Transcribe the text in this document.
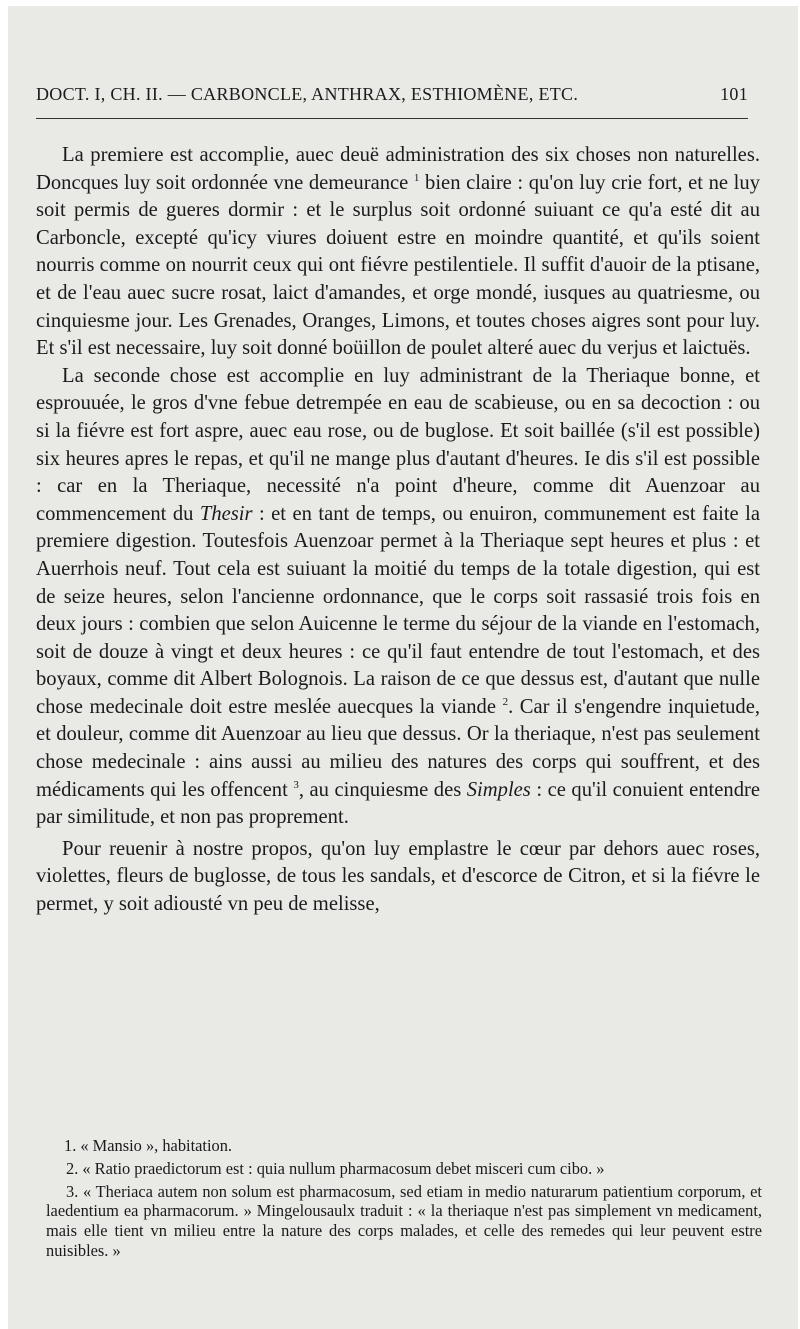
DOCT. I, CH. II. — CARBONCLE, ANTHRAX, ESTHIOMÈNE, ETC.	101

La premiere est accomplie, auec deuë administration des six choses non naturelles. Doncques luy soit ordonnée vne demeurance $^1$ bien claire : qu'on luy crie fort, et ne luy soit permis de gueres dormir : et le surplus soit ordonné suiuant ce qu'a esté dit au Carboncle, excepté qu'icy viures doiuent estre en moindre quantité, et qu'ils soient nourris comme on nourrit ceux qui ont fiévre pestilentiele. Il suffit d'auoir de la ptisane, et de l'eau auec sucre rosat, laict d'amandes, et orge mondé, iusques au quatriesme, ou cinquiesme jour. Les Grenades, Oranges, Limons, et toutes choses aigres sont pour luy. Et s'il est necessaire, luy soit donné boüillon de poulet alteré auec du verjus et laictuës.

La seconde chose est accomplie en luy administrant de la Theriaque bonne, et esprouuée, le gros d'vne febue detrempée en eau de scabieuse, ou en sa decoction : ou si la fiévre est fort aspre, auec eau rose, ou de buglose. Et soit baillée (s'il est possible) six heures apres le repas, et qu'il ne mange plus d'autant d'heures. Ie dis s'il est possible : car en la Theriaque, necessité n'a point d'heure, comme dit Auenzoar au commencement du Thesir : et en tant de temps, ou enuiron, communement est faite la premiere digestion. Toutesfois Auenzoar permet à la Theriaque sept heures et plus : et Auerrhois neuf. Tout cela est suiuant la moitié du temps de la totale digestion, qui est de seize heures, selon l'ancienne ordonnance, que le corps soit rassasié trois fois en deux jours : combien que selon Auicenne le terme du séjour de la viande en l'estomach, soit de douze à vingt et deux heures : ce qu'il faut entendre de tout l'estomach, et des boyaux, comme dit Albert Bolognois. La raison de ce que dessus est, d'autant que nulle chose medecinale doit estre meslée auecques la viande $^2$. Car il s'engendre inquietude, et douleur, comme dit Auenzoar au lieu que dessus. Or la theriaque, n'est pas seulement chose medecinale : ains aussi au milieu des natures des corps qui souffrent, et des médicaments qui les offencent $^3$, au cinquiesme des Simples : ce qu'il conuient entendre par similitude, et non pas proprement.

Pour reuenir à nostre propos, qu'on luy emplastre le cœur par dehors auec roses, violettes, fleurs de buglosse, de tous les sandals, et d'escorce de Citron, et si la fiévre le permet, y soit adiousté vn peu de melisse,

1. « Mansio », habitation.

2. « Ratio praedictorum est : quia nullum pharmacosum debet misceri cum cibo. »

3. « Theriaca autem non solum est pharmacosum, sed etiam in medio naturarum patientium corporum, et laedentium ea pharmacorum. » Mingelousaulx traduit : « la theriaque n'est pas simplement vn medicament, mais elle tient vn milieu entre la nature des corps malades, et celle des remedes qui leur peuvent estre nuisibles. »
